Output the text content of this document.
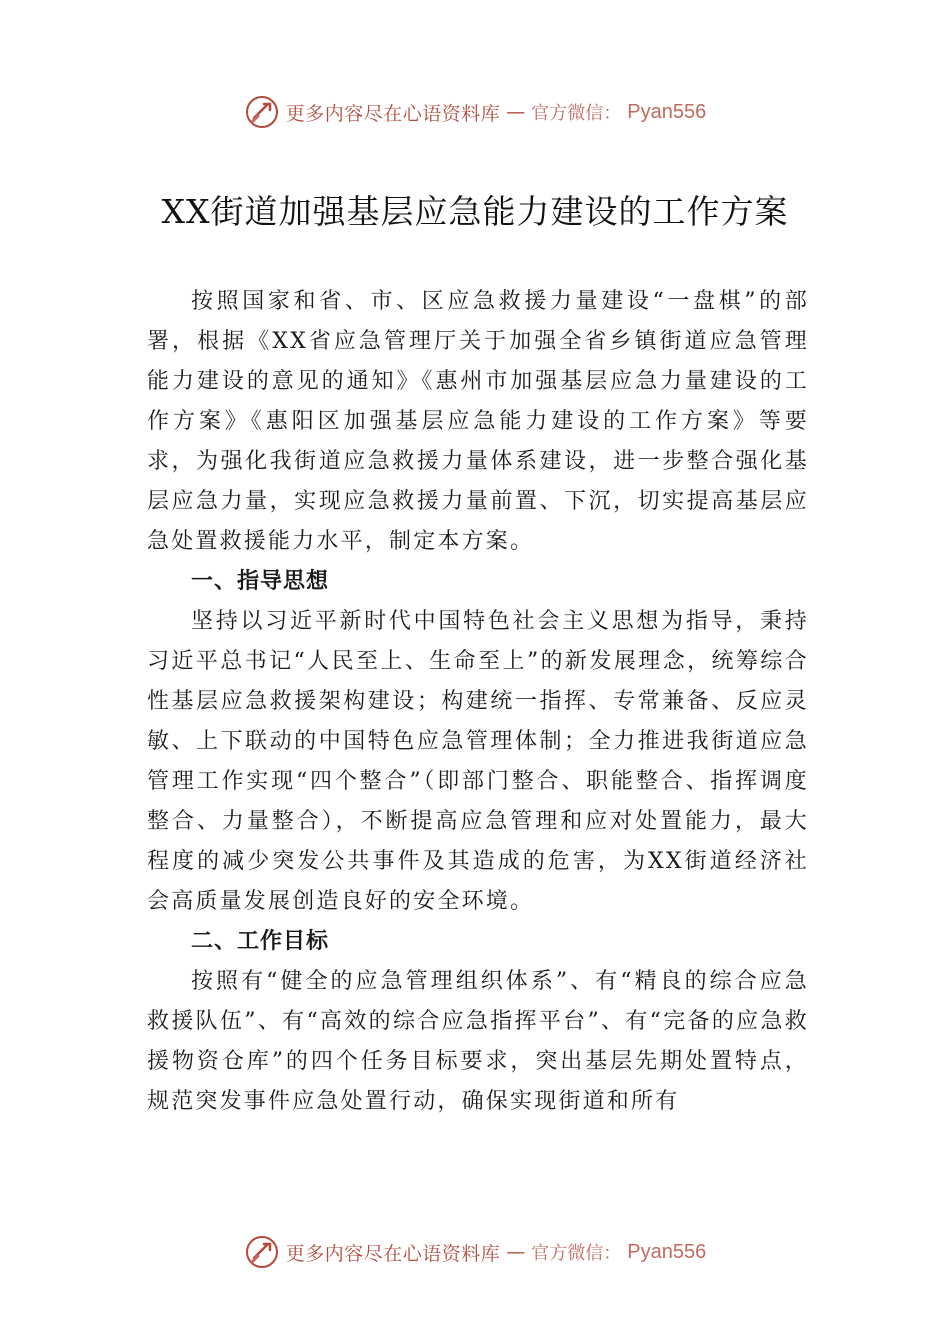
更多内容尽在心语资料库 — 官方微信： Pyan556
XX街道加强基层应急能力建设的工作方案

按照国家和省、市、区应急救援力量建设“一盘棋”的部署，根据《XX省应急管理厅关于加强全省乡镇街道应急管理能力建设的意见的通知》《惠州市加强基层应急力量建设的工作方案》《惠阳区加强基层应急能力建设的工作方案》等要求，为强化我街道应急救援力量体系建设，进一步整合强化基层应急力量，实现应急救援力量前置、下沉，切实提高基层应急处置救援能力水平，制定本方案。

一、指导思想

坚持以习近平新时代中国特色社会主义思想为指导，秉持习近平总书记“人民至上、生命至上”的新发展理念，统筹综合性基层应急救援架构建设；构建统一指挥、专常兼备、反应灵敏、上下联动的中国特色应急管理体制；全力推进我街道应急管理工作实现“四个整合”（即部门整合、职能整合、指挥调度整合、力量整合），不断提高应急管理和应对处置能力，最大程度的减少突发公共事件及其造成的危害，为XX街道经济社会高质量发展创造良好的安全环境。

二、工作目标

按照有“健全的应急管理组织体系”、有“精良的综合应急救援队伍”、有“高效的综合应急指挥平台”、有“完备的应急救援物资仓库”的四个任务目标要求，突出基层先期处置特点，规范突发事件应急处置行动，确保实现街道和所有

更多内容尽在心语资料库 — 官方微信： Pyan556
